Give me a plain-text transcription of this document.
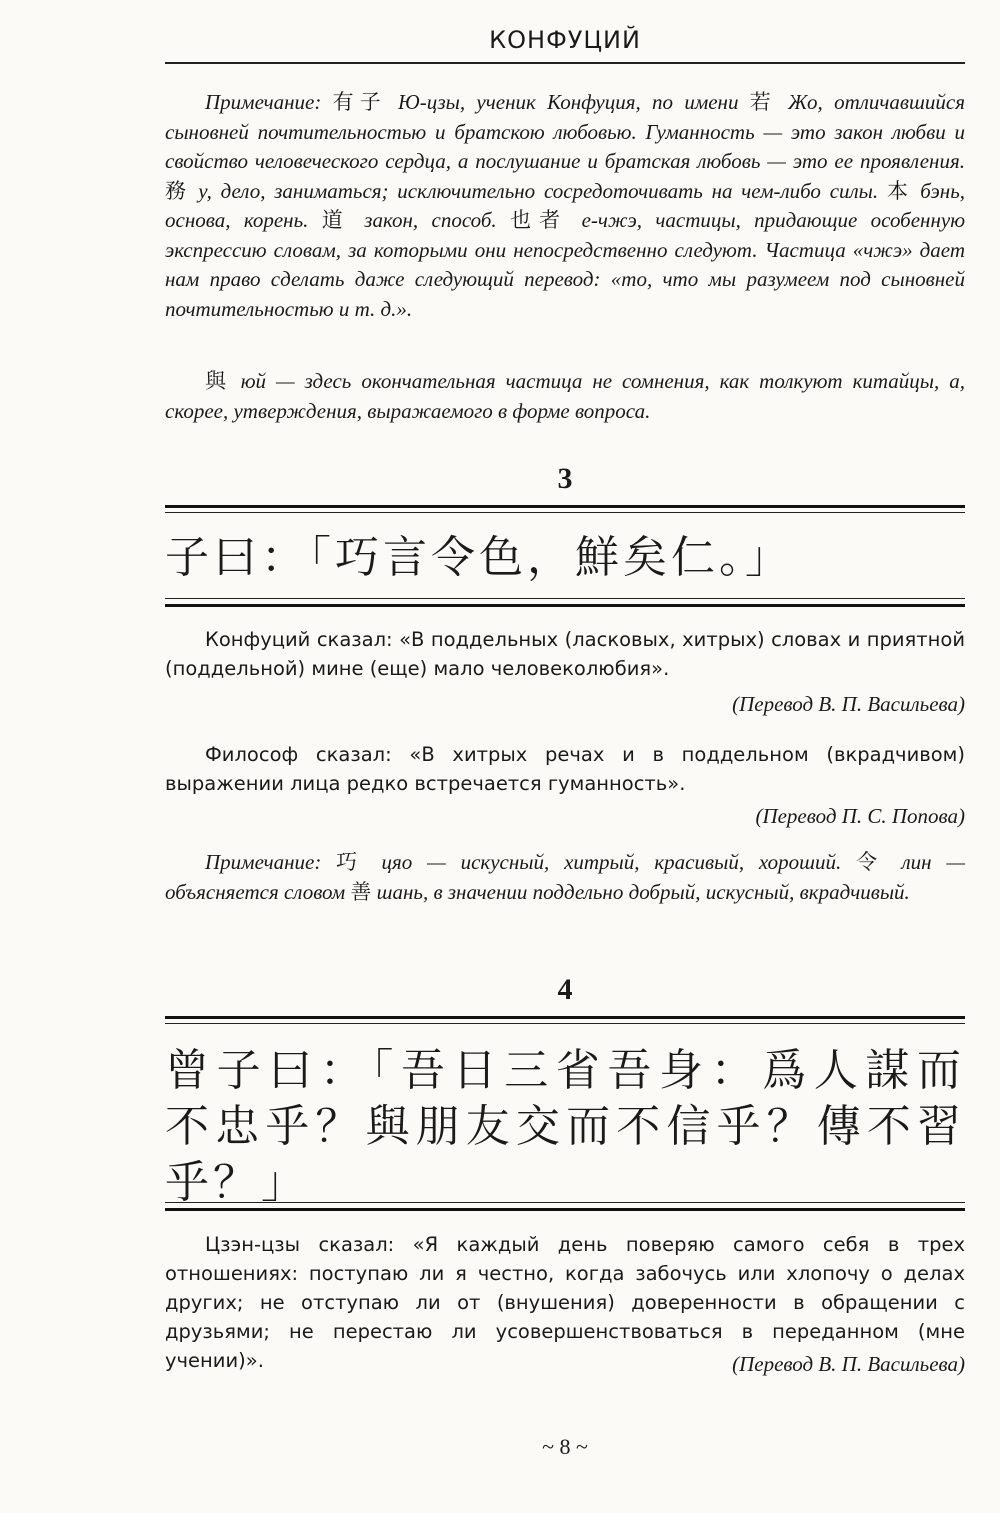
КОНФУЦИЙ

Примечание: 有子 Ю-цзы, ученик Конфуция, по имени 若 Жо, отличавшийся сыновней почтительностью и братскою любовью. Гуманность — это закон любви и свойство человеческого сердца, а послушание и братская любовь — это ее проявления. 務 у, дело, заниматься; исключительно сосредоточивать на чем-либо силы. 本 бэнь, основа, корень. 道 закон, способ. 也者 е-чжэ, частицы, придающие особенную экспрессию словам, за которыми они непосредственно следуют. Частица «чжэ» дает нам право сделать даже следующий перевод: «то, что мы разумеем под сыновней почтительностью и т. д.».

與 юй — здесь окончательная частица не сомнения, как толкуют китайцы, а, скорее, утверждения, выражаемого в форме вопроса.

3

子曰：「巧言令色，鮮矣仁。」

Конфуций сказал: «В поддельных (ласковых, хитрых) словах и приятной (поддельной) мине (еще) мало человеколюбия».

(Перевод В. П. Васильева)

Философ сказал: «В хитрых речах и в поддельном (вкрадчивом) выражении лица редко встречается гуманность».

(Перевод П. С. Попова)

Примечание: 巧 цяо — искусный, хитрый, красивый, хороший. 令 лин — объясняется словом 善 шань, в значении поддельно добрый, искусный, вкрадчивый.

4

曾子曰：「吾日三省吾身：爲人謀而 不忠乎？與朋友交而不信乎？傳不習乎？」

Цзэн-цзы сказал: «Я каждый день поверяю самого себя в трех отношениях: поступаю ли я честно, когда забочусь или хлопочу о делах других; не отступаю ли от (внушения) доверенности в обращении с друзьями; не перестаю ли усовершенствоваться в переданном (мне учении)».	(Перевод В. П. Васильева)
~ 8 ~
